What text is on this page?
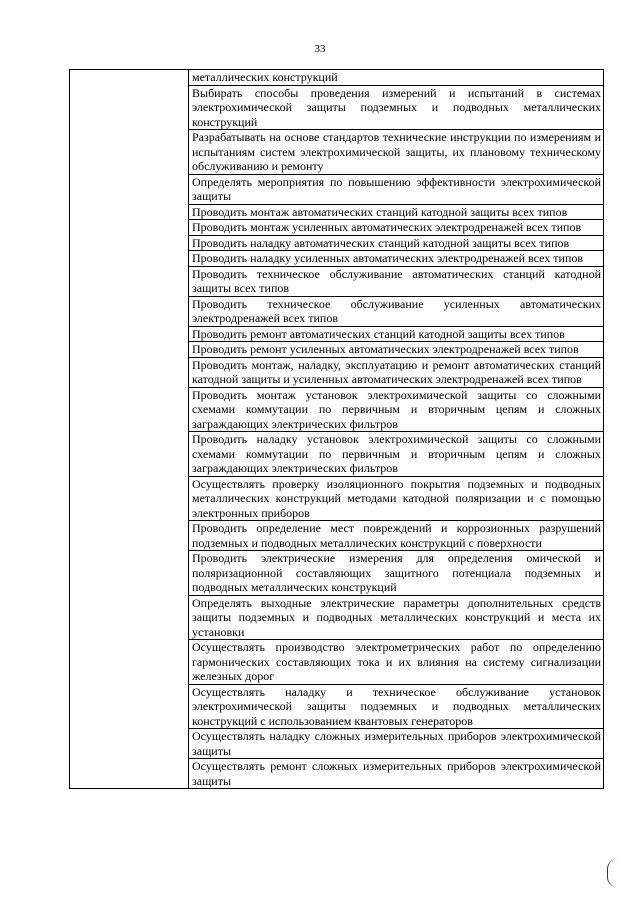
33
	металлических конструкций
Выбирать способы проведения измерений и испытаний в системах электрохимической защиты подземных и подводных металлических конструкций
Разрабатывать на основе стандартов технические инструкции по измерениям и испытаниям систем электрохимической защиты, их плановому техническому обслуживанию и ремонту
Определять мероприятия по повышению эффективности электрохимической защиты
Проводить монтаж автоматических станций катодной защиты всех типов
Проводить монтаж усиленных автоматических электродренажей всех типов
Проводить наладку автоматических станций катодной защиты всех типов
Проводить наладку усиленных автоматических электродренажей всех типов
Проводить техническое обслуживание автоматических станций катодной защиты всех типов
Проводить техническое обслуживание усиленных автоматических электродренажей всех типов
Проводить ремонт автоматических станций катодной защиты всех типов
Проводить ремонт усиленных автоматических электродренажей всех типов
Проводить монтаж, наладку, эксплуатацию и ремонт автоматических станций катодной защиты и усиленных автоматических электродренажей всех типов
Проводить монтаж установок электрохимической защиты со сложными схемами коммутации по первичным и вторичным цепям и сложных заграждающих электрических фильтров
Проводить наладку установок электрохимической защиты со сложными схемами коммутации по первичным и вторичным цепям и сложных заграждающих электрических фильтров
Осуществлять проверку изоляционного покрытия подземных и подводных металлических конструкций методами катодной поляризации и с помощью электронных приборов
Проводить определение мест повреждений и коррозионных разрушений подземных и подводных металлических конструкций с поверхности
Проводить электрические измерения для определения омической и поляризационной составляющих защитного потенциала подземных и подводных металлических конструкций
Определять выходные электрические параметры дополнительных средств защиты подземных и подводных металлических конструкций и места их установки
Осуществлять производство электрометрических работ по определению гармонических составляющих тока и их влияния на систему сигнализации железных дорог
Осуществлять наладку и техническое обслуживание установок электрохимической защиты подземных и подводных металлических конструкций с использованием квантовых генераторов
Осуществлять наладку сложных измерительных приборов электрохимической защиты
Осуществлять ремонт сложных измерительных приборов электрохимической защиты
